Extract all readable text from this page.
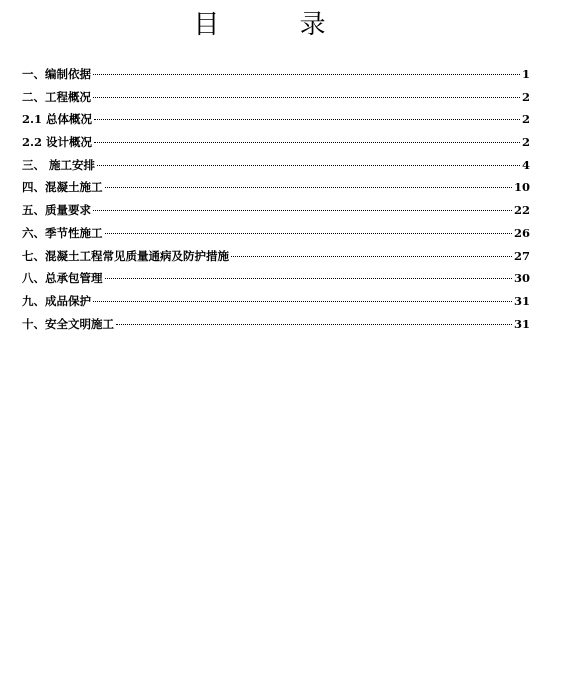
目 录
一、编制依据	1
二、工程概况	2
2.1 总体概况	2
2.2 设计概况	2
三、 施工安排	4
四、混凝土施工	10
五、质量要求	22
六、季节性施工	26
七、混凝土工程常见质量通病及防护措施	27
八、总承包管理	30
九、成品保护	31
十、安全文明施工	31
